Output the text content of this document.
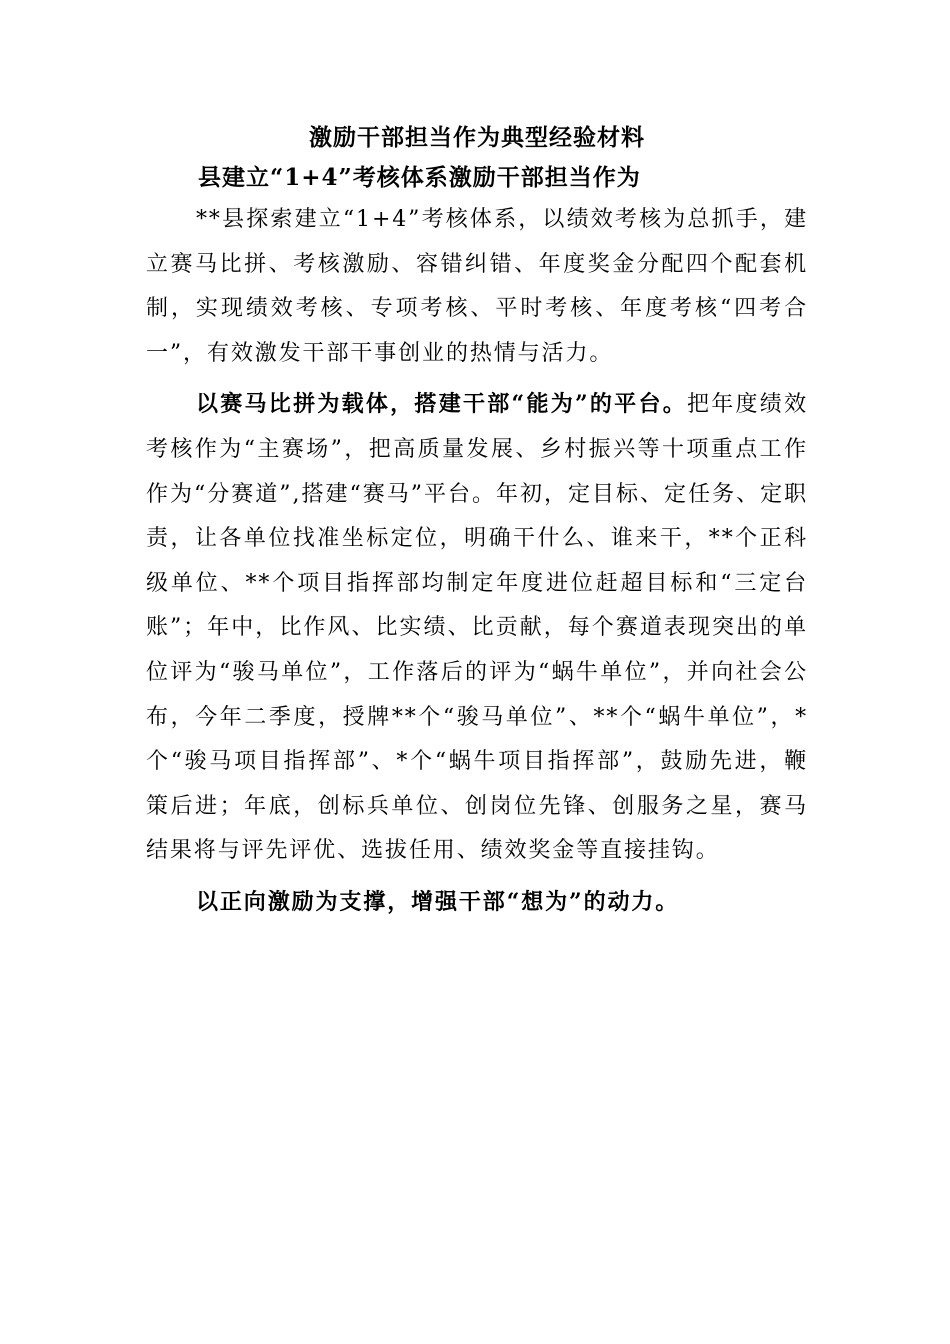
激励干部担当作为典型经验材料
县建立“1+4”考核体系激励干部担当作为

**县探索建立“1+4”考核体系，以绩效考核为总抓手，建立赛马比拼、考核激励、容错纠错、年度奖金分配四个配套机制，实现绩效考核、专项考核、平时考核、年度考核“四考合一”，有效激发干部干事创业的热情与活力。

以赛马比拼为载体，搭建干部“能为”的平台。把年度绩效考核作为“主赛场”，把高质量发展、乡村振兴等十项重点工作作为“分赛道”,搭建“赛马”平台。年初，定目标、定任务、定职责，让各单位找准坐标定位，明确干什么、谁来干，**个正科级单位、**个项目指挥部均制定年度进位赶超目标和“三定台账”；年中，比作风、比实绩、比贡献，每个赛道表现突出的单位评为“骏马单位”，工作落后的评为“蜗牛单位”，并向社会公布，今年二季度，授牌**个“骏马单位”、**个“蜗牛单位”，*个“骏马项目指挥部”、*个“蜗牛项目指挥部”，鼓励先进，鞭策后进；年底，创标兵单位、创岗位先锋、创服务之星，赛马结果将与评先评优、选拔任用、绩效奖金等直接挂钩。

以正向激励为支撑，增强干部“想为”的动力。
